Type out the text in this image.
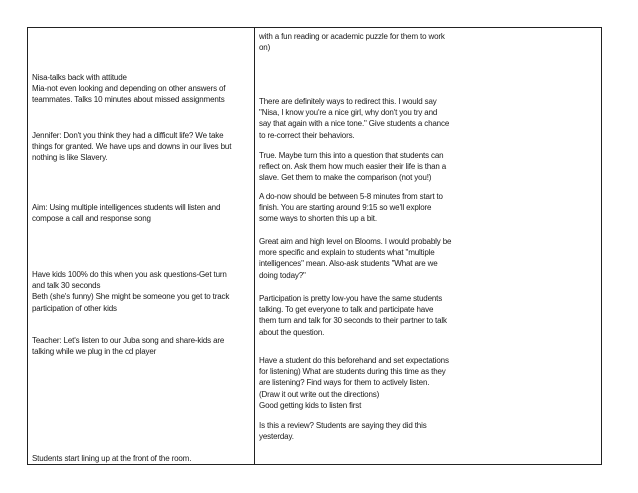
Nisa-talks back with attitude
Mia-not even looking and depending on other answers of
teammates. Talks 10 minutes about missed assignments
Jennifer: Don't you think they had a difficult life? We take
things for granted. We have ups and downs in our lives but
nothing is like Slavery.
Aim: Using multiple intelligences students will listen and
compose a call and response song
Have kids 100% do this when you ask questions-Get turn
and talk 30 seconds
Beth (she's funny) She might be someone you get to track
participation of other kids
Teacher: Let's listen to our Juba song and share-kids are
talking while we plug in the cd player
Students start lining up at the front of the room.
with a fun reading or academic puzzle for them to work
on)
There are definitely ways to redirect this. I would say
"Nisa, I know you're a nice girl, why don't you try and
say that again with a nice tone." Give students a chance
to re-correct their behaviors.
True. Maybe turn this into a question that students can
reflect on. Ask them how much easier their life is than a
slave. Get them to make the comparison (not you!)
A do-now should be between 5-8 minutes from start to
finish. You are starting around 9:15 so we'll explore
some ways to shorten this up a bit.
Great aim and high level on Blooms. I would probably be
more specific and explain to students what "multiple
intelligences" mean. Also-ask students "What are we
doing today?"
Participation is pretty low-you have the same students
talking. To get everyone to talk and participate have
them turn and talk for 30 seconds to their partner to talk
about the question.
Have a student do this beforehand and set expectations
for listening) What are students during this time as they
are listening? Find ways for them to actively listen.
(Draw it out write out the directions)
Good getting kids to listen first
Is this a review? Students are saying they did this
yesterday.
